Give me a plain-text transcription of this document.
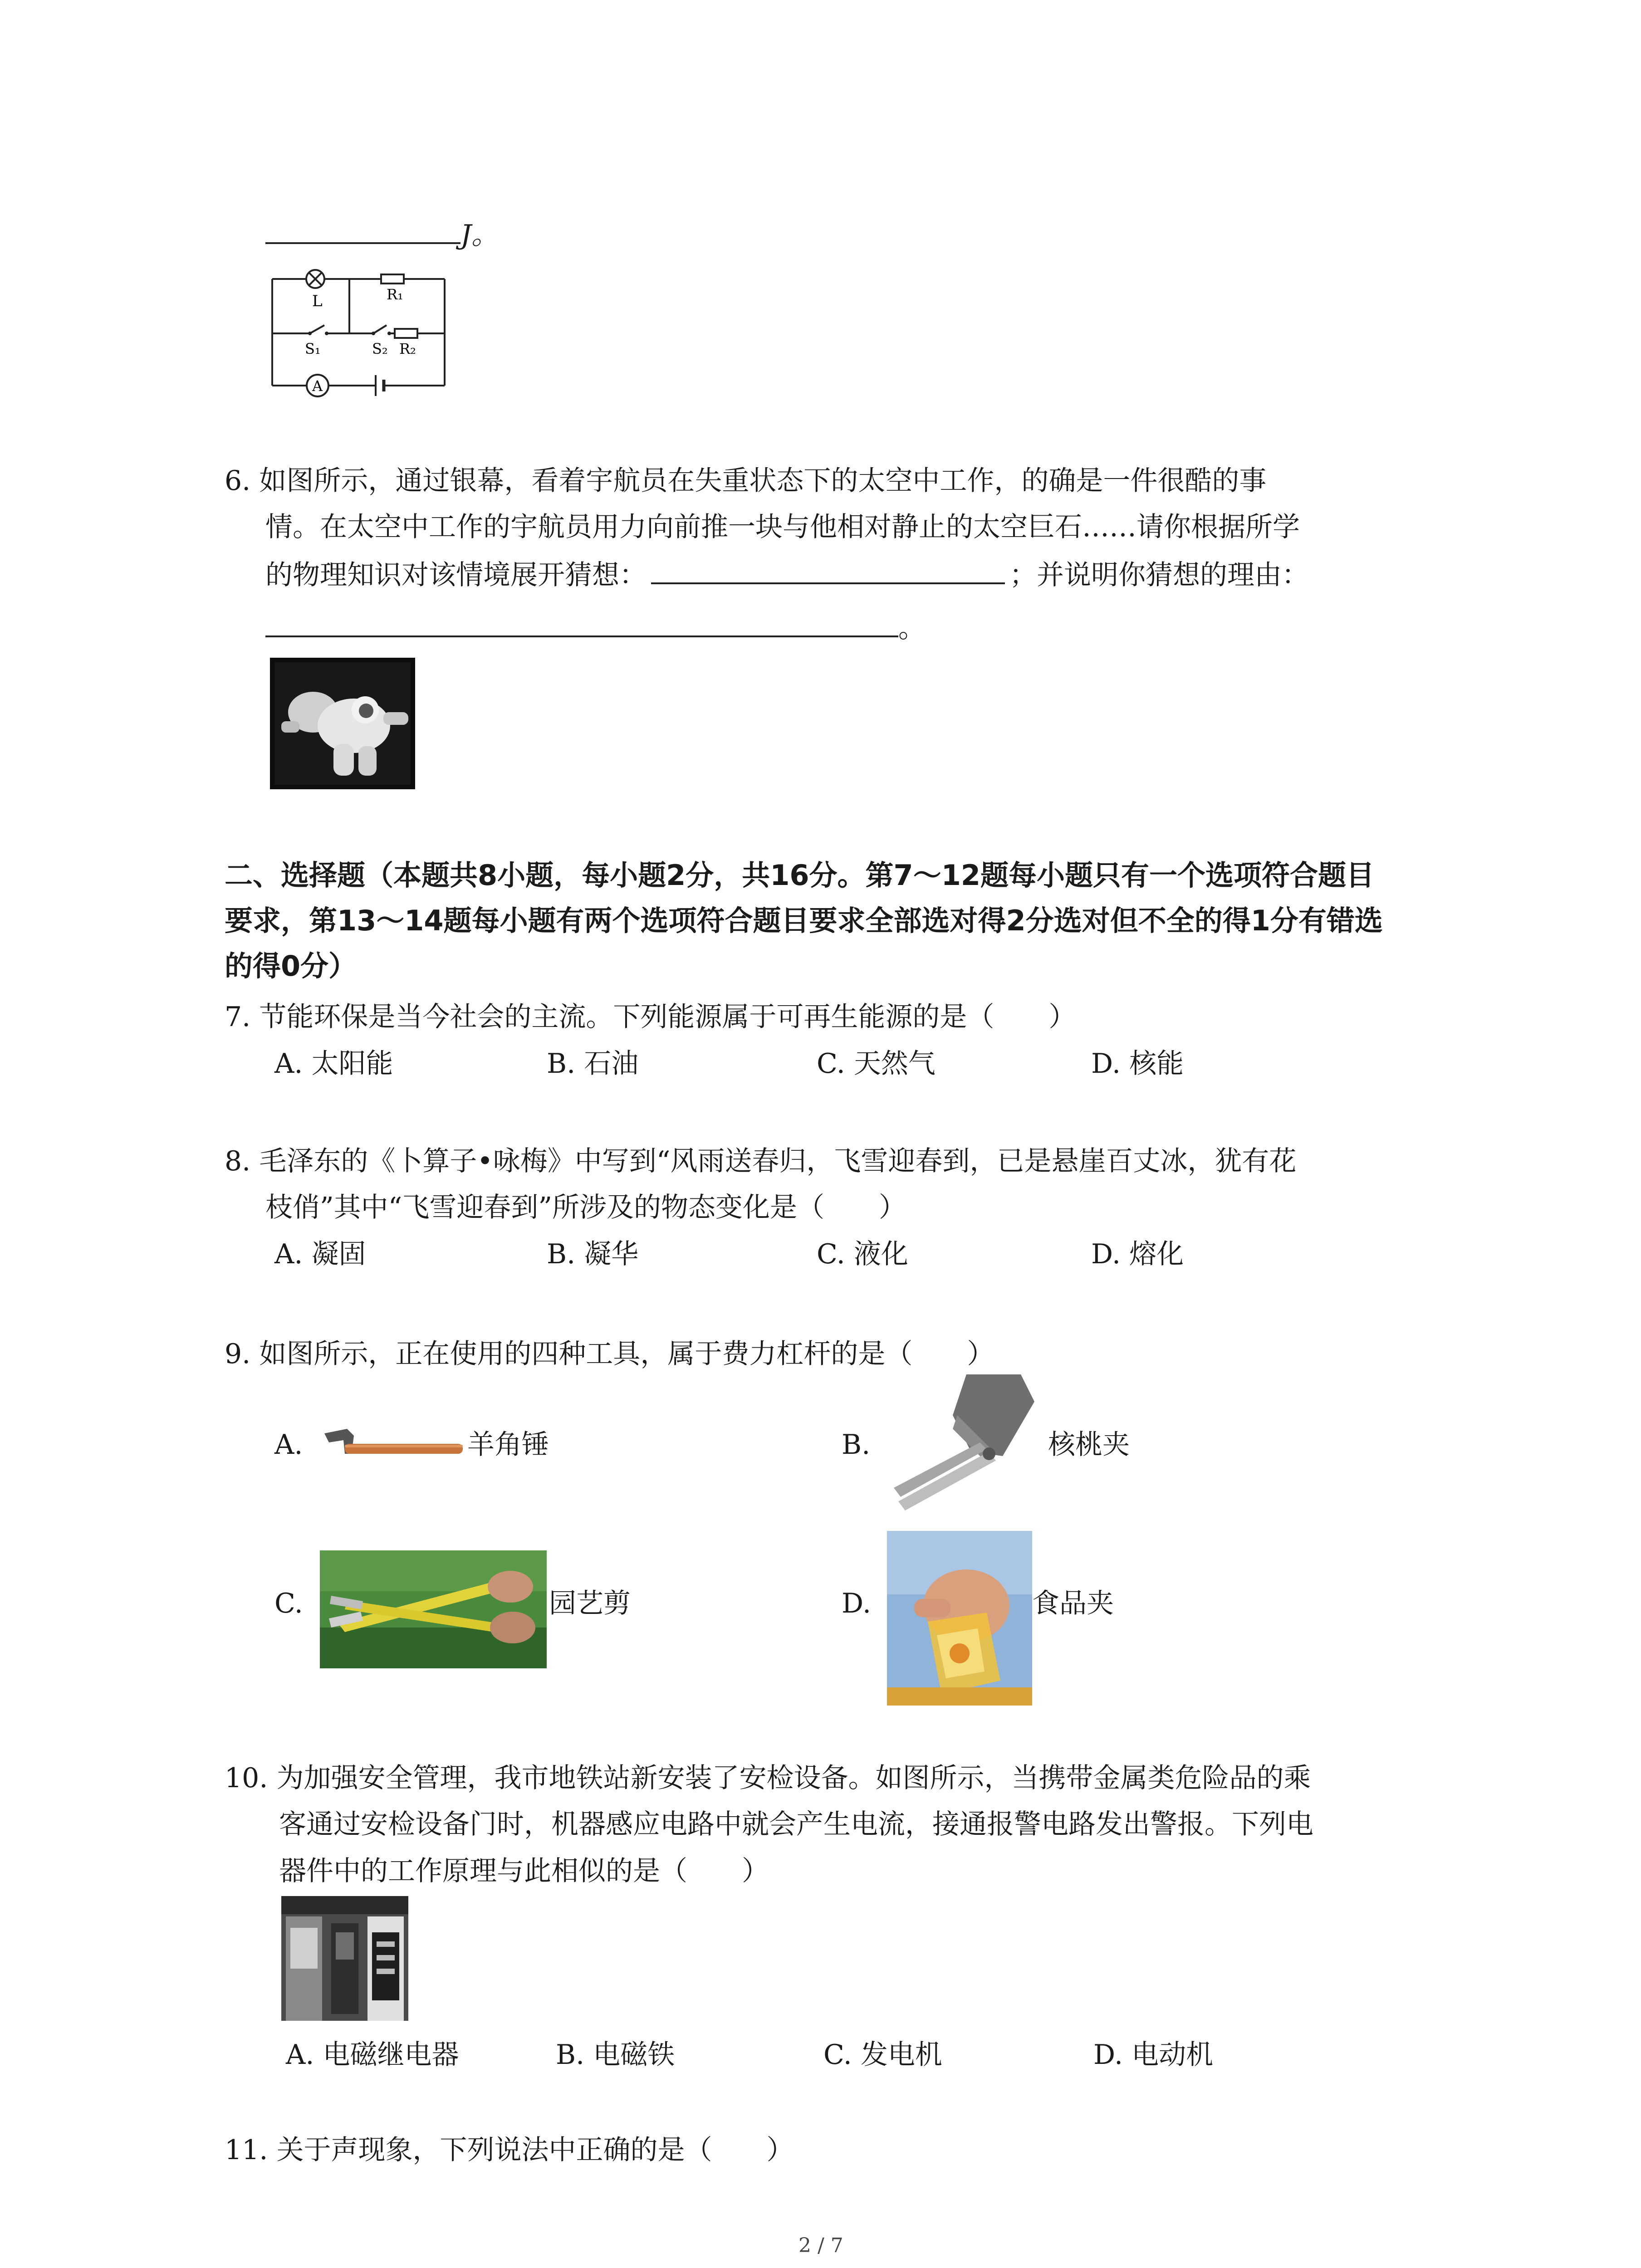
J。
L	R₁
S₁	S₂ R₂
A
6. 如图所示，通过银幕，看着宇航员在失重状态下的太空中工作，的确是一件很酷的事
情。在太空中工作的宇航员用力向前推一块与他相对静止的太空巨石……请你根据所学
的物理知识对该情境展开猜想：	；并说明你猜想的理由：
。
二、选择题（本题共8小题，每小题2分，共16分。第7～12题每小题只有一个选项符合题目
要求，第13～14题每小题有两个选项符合题目要求全部选对得2分选对但不全的得1分有错选
的得0分）
7. 节能环保是当今社会的主流。下列能源属于可再生能源的是（　　）
A. 太阳能	B. 石油	C. 天然气	D. 核能
8. 毛泽东的《卜算子•咏梅》中写到“风雨送春归，飞雪迎春到，已是悬崖百丈冰，犹有花
枝俏”其中“飞雪迎春到”所涉及的物态变化是（　　）
A. 凝固	B. 凝华	C. 液化	D. 熔化
9. 如图所示，正在使用的四种工具，属于费力杠杆的是（　　）
A.	羊角锤	B.	核桃夹
C.	园艺剪	D.	食品夹
10. 为加强安全管理，我市地铁站新安装了安检设备。如图所示，当携带金属类危险品的乘
客通过安检设备门时，机器感应电路中就会产生电流，接通报警电路发出警报。下列电
器件中的工作原理与此相似的是（　　）
A. 电磁继电器	B. 电磁铁	C. 发电机	D. 电动机
11. 关于声现象，下列说法中正确的是（　　）
2 / 7
